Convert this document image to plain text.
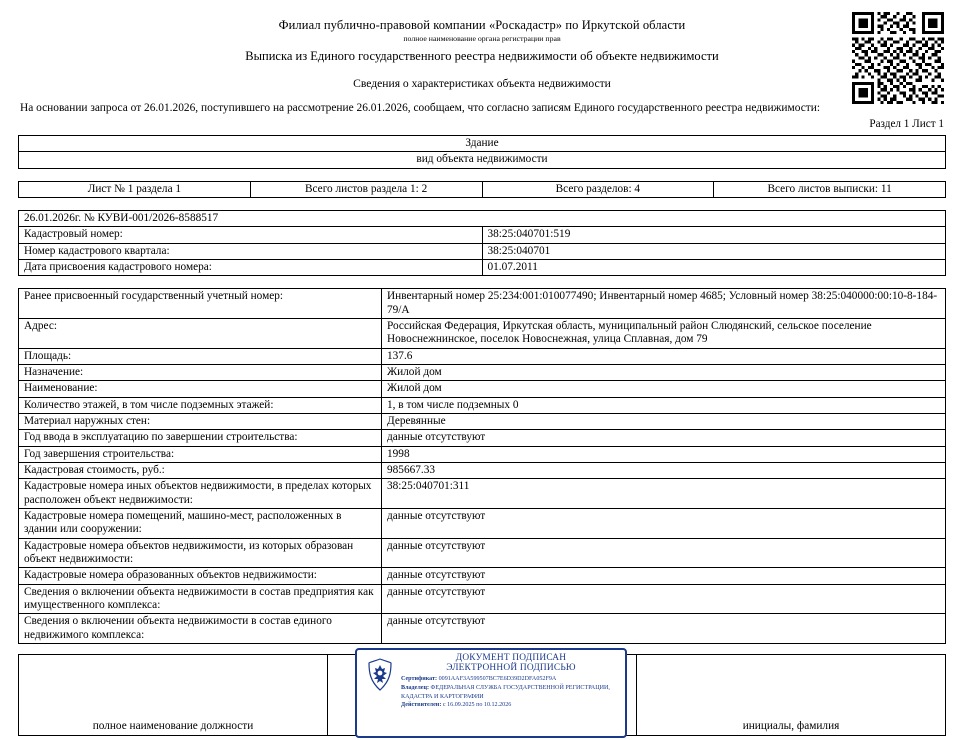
Филиал публично-правовой компании «Роскадастр» по Иркутской области
полное наименование органа регистрации прав
Выписка из Единого государственного реестра недвижимости об объекте недвижимости
Сведения о характеристиках объекта недвижимости
На основании запроса от 26.01.2026, поступившего на рассмотрение 26.01.2026, сообщаем, что согласно записям Единого государственного реестра недвижимости:
Раздел 1 Лист 1
Здание
вид объекта недвижимости
Лист № 1 раздела 1	Всего листов раздела 1: 2	Всего разделов: 4	Всего листов выписки: 11
26.01.2026г. № КУВИ-001/2026-8588517	
Кадастровый номер:	38:25:040701:519
Номер кадастрового квартала:	38:25:040701
Дата присвоения кадастрового номера:	01.07.2011
Ранее присвоенный государственный учетный номер:	Инвентарный номер 25:234:001:010077490; Инвентарный номер 4685; Условный номер 38:25:040000:00:10-8-184-79/А
Адрес:	Российская Федерация, Иркутская область, муниципальный район Слюдянский, сельское поселение Новоснежнинское, поселок Новоснежная, улица Сплавная, дом 79
Площадь:	137.6
Назначение:	Жилой дом
Наименование:	Жилой дом
Количество этажей, в том числе подземных этажей:	1, в том числе подземных 0
Материал наружных стен:	Деревянные
Год ввода в эксплуатацию по завершении строительства:	данные отсутствуют
Год завершения строительства:	1998
Кадастровая стоимость, руб.:	985667.33
Кадастровые номера иных объектов недвижимости, в пределах которых расположен объект недвижимости:	38:25:040701:311
Кадастровые номера помещений, машино-мест, расположенных в здании или сооружении:	данные отсутствуют
Кадастровые номера объектов недвижимости, из которых образован объект недвижимости:	данные отсутствуют
Кадастровые номера образованных объектов недвижимости:	данные отсутствуют
Сведения о включении объекта недвижимости в состав предприятия как имущественного комплекса:	данные отсутствуют
Сведения о включении объекта недвижимости в состав единого недвижимого комплекса:	данные отсутствуют
полное наименование должности		инициалы, фамилия
ДОКУМЕНТ ПОДПИСАН
ЭЛЕКТРОННОЙ ПОДПИСЬЮ
Сертификат: 0091AAF3A599507BC7E6D39D2DFA052F9A
Владелец: ФЕДЕРАЛЬНАЯ СЛУЖБА ГОСУДАРСТВЕННОЙ РЕГИСТРАЦИИ, КАДАСТРА И КАРТОГРАФИИ
Действителен: с 16.09.2025 по 10.12.2026
